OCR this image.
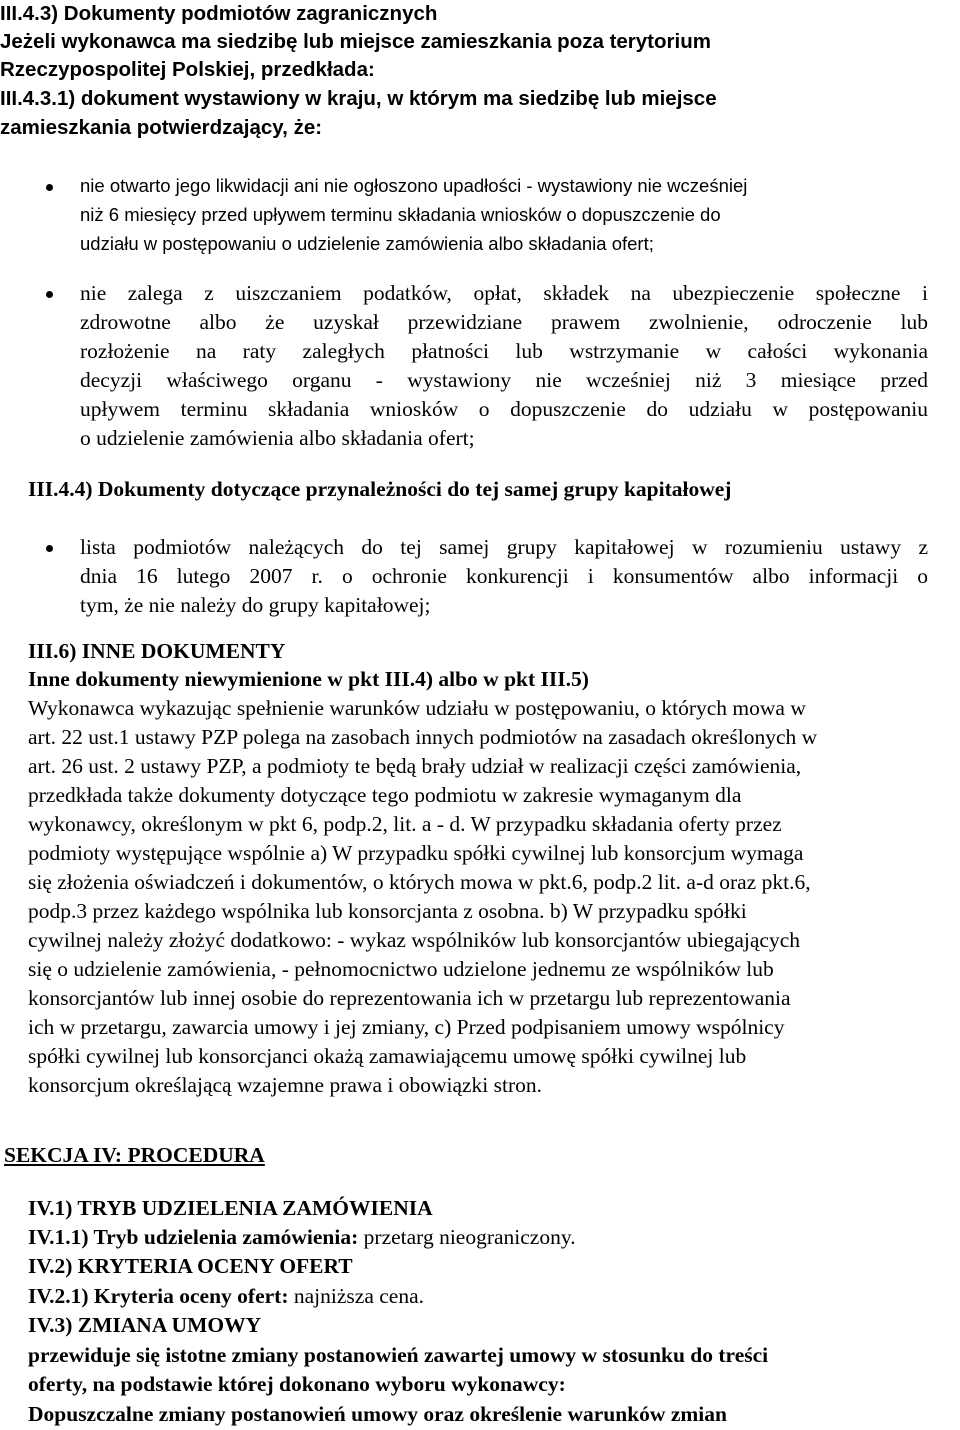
III.4.3) Dokumenty podmiotów zagranicznych
Jeżeli wykonawca ma siedzibę lub miejsce zamieszkania poza terytorium
Rzeczypospolitej Polskiej, przedkłada:
III.4.3.1) dokument wystawiony w kraju, w którym ma siedzibę lub miejsce
zamieszkania potwierdzający, że:
nie otwarto jego likwidacji ani nie ogłoszono upadłości - wystawiony nie wcześniej
niż 6 miesięcy przed upływem terminu składania wniosków o dopuszczenie do
udziału w postępowaniu o udzielenie zamówienia albo składania ofert;
nie zalega z uiszczaniem podatków, opłat, składek na ubezpieczenie społeczne i
zdrowotne albo że uzyskał przewidziane prawem zwolnienie, odroczenie lub
rozłożenie na raty zaległych płatności lub wstrzymanie w całości wykonania
decyzji właściwego organu - wystawiony nie wcześniej niż 3 miesiące przed
upływem terminu składania wniosków o dopuszczenie do udziału w postępowaniu
o udzielenie zamówienia albo składania ofert;
III.4.4) Dokumenty dotyczące przynależności do tej samej grupy kapitałowej
lista podmiotów należących do tej samej grupy kapitałowej w rozumieniu ustawy z
dnia 16 lutego 2007 r. o ochronie konkurencji i konsumentów albo informacji o
tym, że nie należy do grupy kapitałowej;
III.6) INNE DOKUMENTY
Inne dokumenty niewymienione w pkt III.4) albo w pkt III.5)
Wykonawca wykazując spełnienie warunków udziału w postępowaniu, o których mowa w
art. 22 ust.1 ustawy PZP polega na zasobach innych podmiotów na zasadach określonych w
art. 26 ust. 2 ustawy PZP, a podmioty te będą brały udział w realizacji części zamówienia,
przedkłada także dokumenty dotyczące tego podmiotu w zakresie wymaganym dla
wykonawcy, określonym w pkt 6, podp.2, lit. a - d. W przypadku składania oferty przez
podmioty występujące wspólnie a) W przypadku spółki cywilnej lub konsorcjum wymaga
się złożenia oświadczeń i dokumentów, o których mowa w pkt.6, podp.2 lit. a-d oraz pkt.6,
podp.3 przez każdego wspólnika lub konsorcjanta z osobna. b) W przypadku spółki
cywilnej należy złożyć dodatkowo: - wykaz wspólników lub konsorcjantów ubiegających
się o udzielenie zamówienia, - pełnomocnictwo udzielone jednemu ze wspólników lub
konsorcjantów lub innej osobie do reprezentowania ich w przetargu lub reprezentowania
ich w przetargu, zawarcia umowy i jej zmiany, c) Przed podpisaniem umowy wspólnicy
spółki cywilnej lub konsorcjanci okażą zamawiającemu umowę spółki cywilnej lub
konsorcjum określającą wzajemne prawa i obowiązki stron.
SEKCJA IV: PROCEDURA
IV.1) TRYB UDZIELENIA ZAMÓWIENIA
IV.1.1) Tryb udzielenia zamówienia: przetarg nieograniczony.
IV.2) KRYTERIA OCENY OFERT
IV.2.1) Kryteria oceny ofert: najniższa cena.
IV.3) ZMIANA UMOWY
przewiduje się istotne zmiany postanowień zawartej umowy w stosunku do treści
oferty, na podstawie której dokonano wyboru wykonawcy:
Dopuszczalne zmiany postanowień umowy oraz określenie warunków zmian
